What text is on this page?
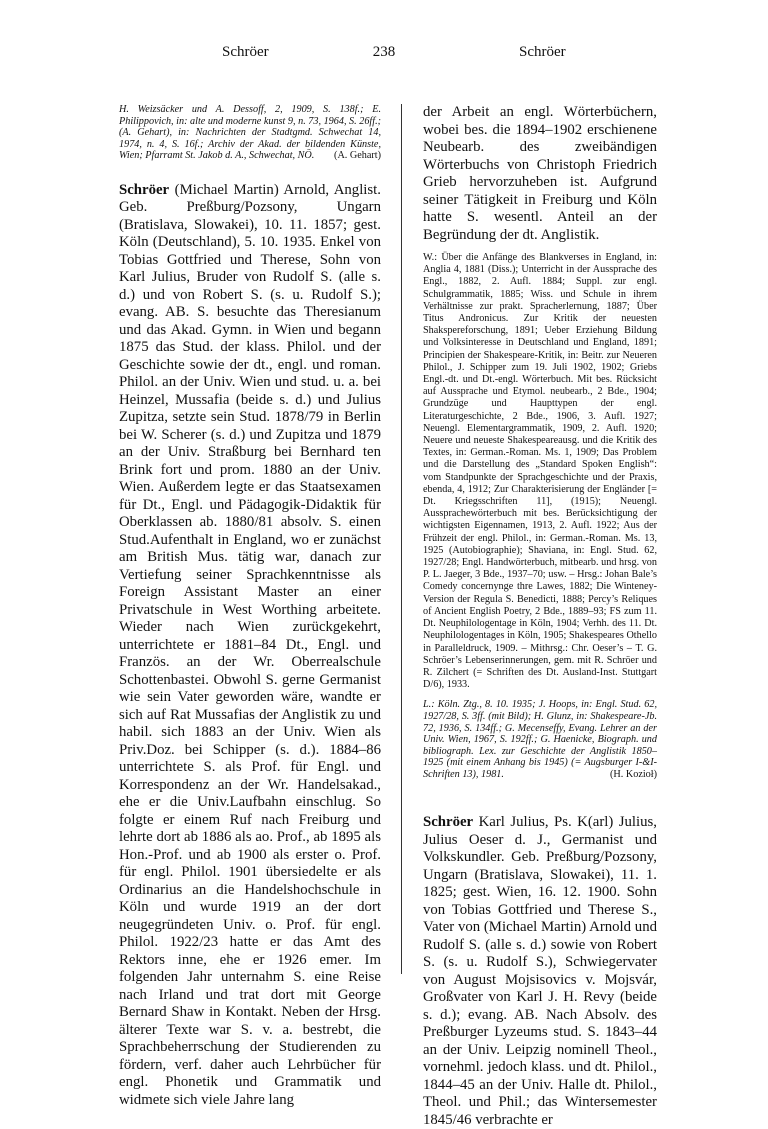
Schröer	238	Schröer

H. Weizsäcker und A. Dessoff, 2, 1909, S. 138f.; E. Philippovich, in: alte und moderne kunst 9, n. 73, 1964, S. 26ff.; (A. Gehart), in: Nachrichten der Stadtgmd. Schwechat 14, 1974, n. 4, S. 16f.; Archiv der Akad. der bildenden Künste, Wien; Pfarramt St. Jakob d. A., Schwechat, NÖ. (A. Gehart)

Schröer (Michael Martin) Arnold, Anglist. Geb. Preßburg/Pozsony, Ungarn (Bratislava, Slowakei), 10. 11. 1857; gest. Köln (Deutschland), 5. 10. 1935. Enkel von Tobias Gottfried und Therese, Sohn von Karl Julius, Bruder von Rudolf S. (alle s. d.) und von Robert S. (s. u. Rudolf S.); evang. AB. S. besuchte das Theresianum und das Akad. Gymn. in Wien und begann 1875 das Stud. der klass. Philol. und der Geschichte sowie der dt., engl. und roman. Philol. an der Univ. Wien und stud. u. a. bei Heinzel, Mussafia (beide s. d.) und Julius Zupitza, setzte sein Stud. 1878/79 in Berlin bei W. Scherer (s. d.) und Zupitza und 1879 an der Univ. Straßburg bei Bernhard ten Brink fort und prom. 1880 an der Univ. Wien. Außerdem legte er das Staatsexamen für Dt., Engl. und Pädagogik-Didaktik für Oberklassen ab. 1880/81 absolv. S. einen Stud.Aufenthalt in England, wo er zunächst am British Mus. tätig war, danach zur Vertiefung seiner Sprachkenntnisse als Foreign Assistant Master an einer Privatschule in West Worthing arbeitete. Wieder nach Wien zurückgekehrt, unterrichtete er 1881–84 Dt., Engl. und Französ. an der Wr. Oberrealschule Schottenbastei. Obwohl S. gerne Germanist wie sein Vater geworden wäre, wandte er sich auf Rat Mussafias der Anglistik zu und habil. sich 1883 an der Univ. Wien als Priv.Doz. bei Schipper (s. d.). 1884–86 unterrichtete S. als Prof. für Engl. und Korrespondenz an der Wr. Handelsakad., ehe er die Univ.Laufbahn einschlug. So folgte er einem Ruf nach Freiburg und lehrte dort ab 1886 als ao. Prof., ab 1895 als Hon.-Prof. und ab 1900 als erster o. Prof. für engl. Philol. 1901 übersiedelte er als Ordinarius an die Handelshochschule in Köln und wurde 1919 an der dort neugegründeten Univ. o. Prof. für engl. Philol. 1922/23 hatte er das Amt des Rektors inne, ehe er 1926 emer. Im folgenden Jahr unternahm S. eine Reise nach Irland und trat dort mit George Bernard Shaw in Kontakt. Neben der Hrsg. älterer Texte war S. v. a. bestrebt, die Sprachbeherrschung der Studierenden zu fördern, verf. daher auch Lehrbücher für engl. Phonetik und Grammatik und widmete sich viele Jahre lang

der Arbeit an engl. Wörterbüchern, wobei bes. die 1894–1902 erschienene Neubearb. des zweibändigen Wörterbuchs von Christoph Friedrich Grieb hervorzuheben ist. Aufgrund seiner Tätigkeit in Freiburg und Köln hatte S. wesentl. Anteil an der Begründung der dt. Anglistik.

W.: Über die Anfänge des Blankverses in England, in: Anglia 4, 1881 (Diss.); Unterricht in der Aussprache des Engl., 1882, 2. Aufl. 1884; Suppl. zur engl. Schulgrammatik, 1885; Wiss. und Schule in ihrem Verhältnisse zur prakt. Spracherlernung, 1887; Über Titus Andronicus. Zur Kritik der neuesten Shakspereforschung, 1891; Ueber Erziehung Bildung und Volksinteresse in Deutschland und England, 1891; Principien der Shakespeare-Kritik, in: Beitr. zur Neueren Philol., J. Schipper zum 19. Juli 1902, 1902; Griebs Engl.-dt. und Dt.-engl. Wörterbuch. Mit bes. Rücksicht auf Aussprache und Etymol. neubearb., 2 Bde., 1904; Grundzüge und Haupttypen der engl. Literaturgeschichte, 2 Bde., 1906, 3. Aufl. 1927; Neuengl. Elementargrammatik, 1909, 2. Aufl. 1920; Neuere und neueste Shakespeareausg. und die Kritik des Textes, in: German.-Roman. Ms. 1, 1909; Das Problem und die Darstellung des „Standard Spoken English“: vom Standpunkte der Sprachgeschichte und der Praxis, ebenda, 4, 1912; Zur Charakterisierung der Engländer [= Dt. Kriegsschriften 11], (1915); Neuengl. Aussprachewörterbuch mit bes. Berücksichtigung der wichtigsten Eigennamen, 1913, 2. Aufl. 1922; Aus der Frühzeit der engl. Philol., in: German.-Roman. Ms. 13, 1925 (Autobiographie); Shaviana, in: Engl. Stud. 62, 1927/28; Engl. Handwörterbuch, mitbearb. und hrsg. von P. L. Jaeger, 3 Bde., 1937–70; usw. – Hrsg.: Johan Bale’s Comedy concernynge thre Lawes, 1882; Die Winteney-Version der Regula S. Benedicti, 1888; Percy’s Reliques of Ancient English Poetry, 2 Bde., 1889–93; FS zum 11. Dt. Neuphilologentage in Köln, 1904; Verhh. des 11. Dt. Neuphilologentages in Köln, 1905; Shakespeares Othello in Paralleldruck, 1909. – Mithrsg.: Chr. Oeser’s – T. G. Schröer’s Lebenserinnerungen, gem. mit R. Schröer und R. Zilchert (= Schriften des Dt. Ausland-Inst. Stuttgart D/6), 1933.

L.: Köln. Ztg., 8. 10. 1935; J. Hoops, in: Engl. Stud. 62, 1927/28, S. 3ff. (mit Bild); H. Glunz, in: Shakespeare-Jb. 72, 1936, S. 134ff.; G. Mecenseffy, Evang. Lehrer an der Univ. Wien, 1967, S. 192ff.; G. Haenicke, Biograph. und bibliograph. Lex. zur Geschichte der Anglistik 1850–1925 (mit einem Anhang bis 1945) (= Augsburger I-&I-Schriften 13), 1981.	(H. Kozioł)

Schröer Karl Julius, Ps. K(arl) Julius, Julius Oeser d. J., Germanist und Volkskundler. Geb. Preßburg/Pozsony, Ungarn (Bratislava, Slowakei), 11. 1. 1825; gest. Wien, 16. 12. 1900. Sohn von Tobias Gottfried und Therese S., Vater von (Michael Martin) Arnold und Rudolf S. (alle s. d.) sowie von Robert S. (s. u. Rudolf S.), Schwiegervater von August Mojsisovics v. Mojsvár, Großvater von Karl J. H. Revy (beide s. d.); evang. AB. Nach Absolv. des Preßburger Lyzeums stud. S. 1843–44 an der Univ. Leipzig nominell Theol., vornehml. jedoch klass. und dt. Philol., 1844–45 an der Univ. Halle dt. Philol., Theol. und Phil.; das Wintersemester 1845/46 verbrachte er
